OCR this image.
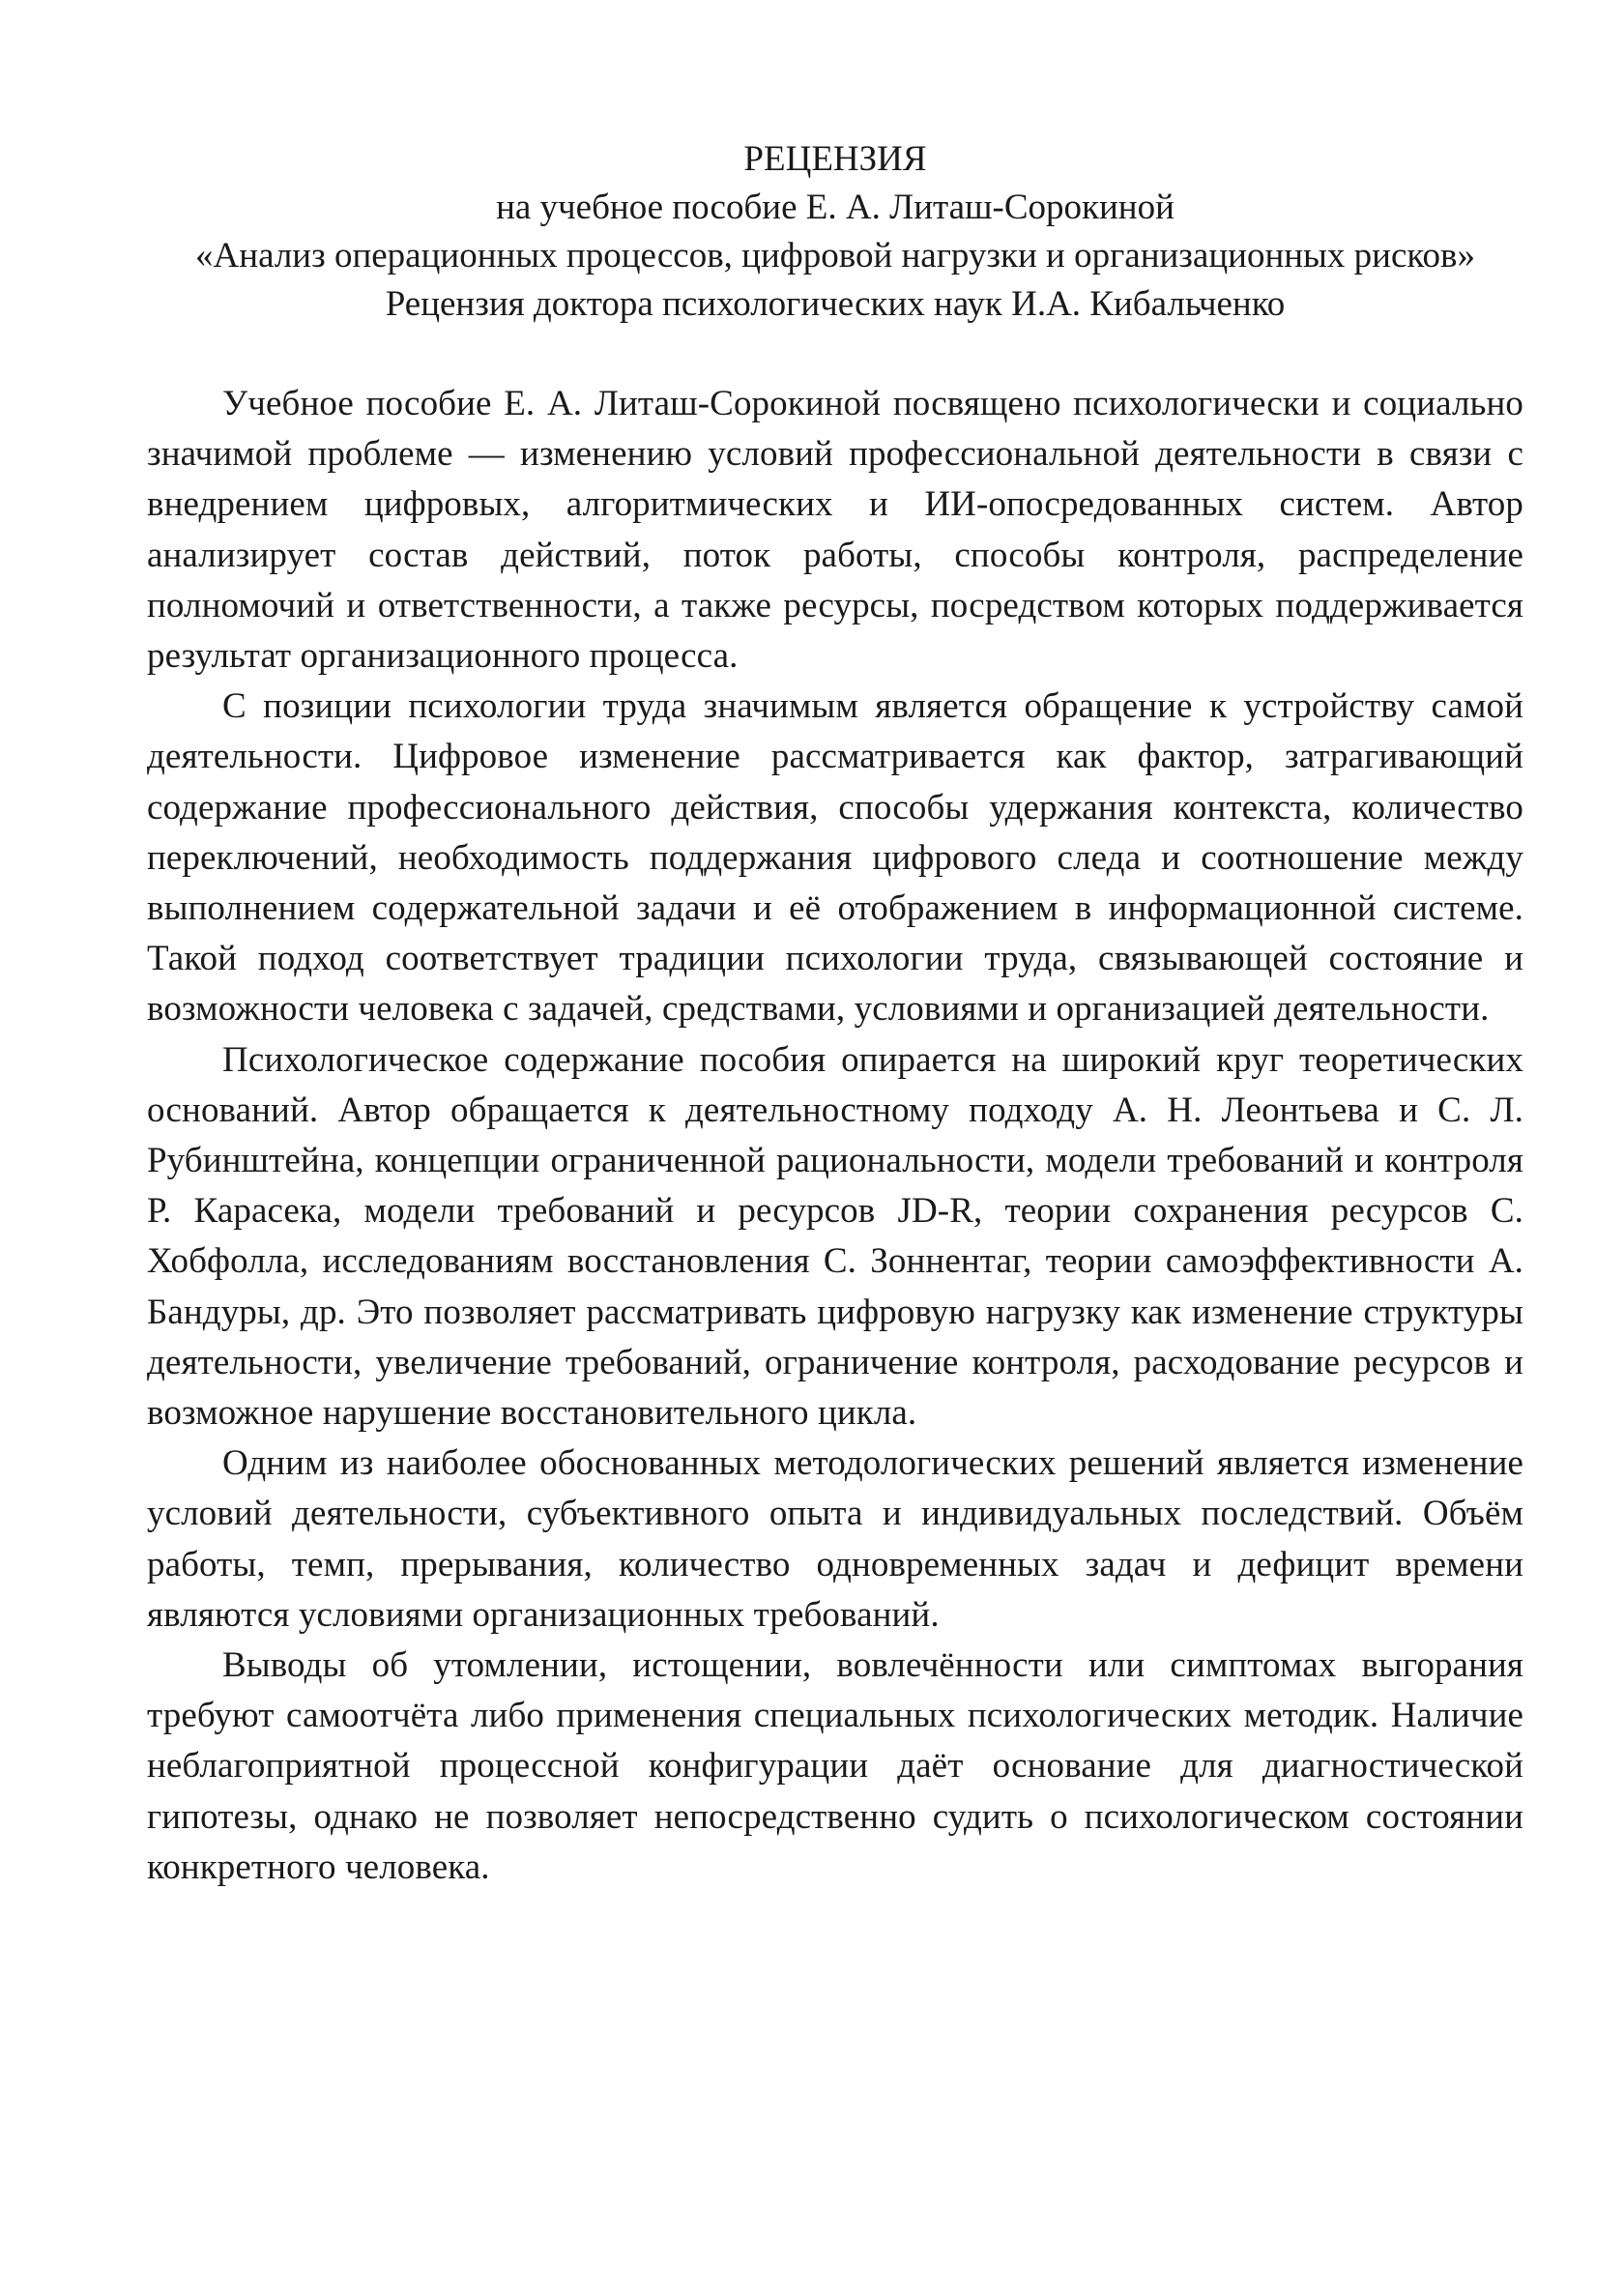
РЕЦЕНЗИЯ
на учебное пособие Е. А. Литаш-Сорокиной
«Анализ операционных процессов, цифровой нагрузки и организационных рисков»
Рецензия доктора психологических наук И.А. Кибальченко

Учебное пособие Е. А. Литаш-Сорокиной посвящено психологически и социально значимой проблеме — изменению условий профессиональной деятельности в связи с внедрением цифровых, алгоритмических и ИИ-опосредованных систем. Автор анализирует состав действий, поток работы, способы контроля, распределение полномочий и ответственности, а также ресурсы, посредством которых поддерживается результат организационного процесса.

С позиции психологии труда значимым является обращение к устройству самой деятельности. Цифровое изменение рассматривается как фактор, затрагивающий содержание профессионального действия, способы удержания контекста, количество переключений, необходимость поддержания цифрового следа и соотношение между выполнением содержательной задачи и её отображением в информационной системе. Такой подход соответствует традиции психологии труда, связывающей состояние и возможности человека с задачей, средствами, условиями и организацией деятельности.

Психологическое содержание пособия опирается на широкий круг теоретических оснований. Автор обращается к деятельностному подходу А. Н. Леонтьева и С. Л. Рубинштейна, концепции ограниченной рациональности, модели требований и контроля Р. Карасека, модели требований и ресурсов JD-R, теории сохранения ресурсов С. Хобфолла, исследованиям восстановления С. Зоннентаг, теории самоэффективности А. Бандуры, др. Это позволяет рассматривать цифровую нагрузку как изменение структуры деятельности, увеличение требований, ограничение контроля, расходование ресурсов и возможное нарушение восстановительного цикла.

Одним из наиболее обоснованных методологических решений является изменение условий деятельности, субъективного опыта и индивидуальных последствий. Объём работы, темп, прерывания, количество одновременных задач и дефицит времени являются условиями организационных требований.

Выводы об утомлении, истощении, вовлечённости или симптомах выгорания требуют самоотчёта либо применения специальных психологических методик. Наличие неблагоприятной процессной конфигурации даёт основание для диагностической гипотезы, однако не позволяет непосредственно судить о психологическом состоянии конкретного человека.
